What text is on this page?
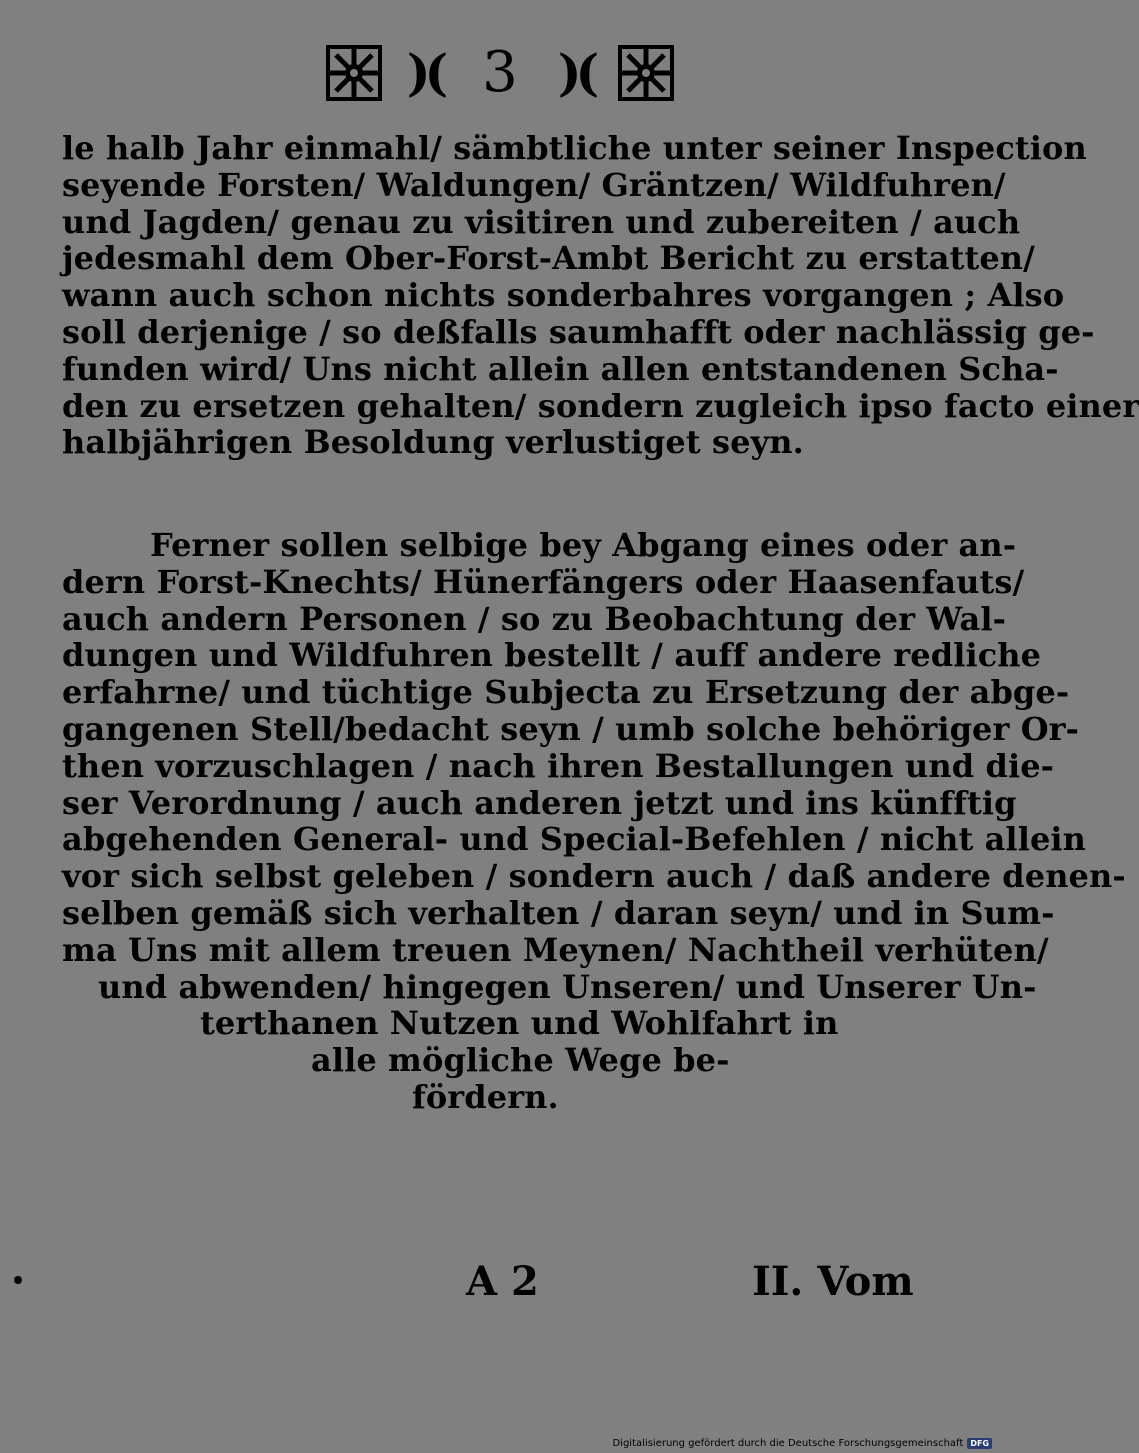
)( 3 )(
le halb Jahr einmahl/ sämbtliche unter seiner Inspection
seyende Forsten/ Waldungen/ Gräntzen/ Wildfuhren/
und Jagden/ genau zu visitiren und zubereiten / auch
jedesmahl dem Ober-Forst-Ambt Bericht zu erstatten/
wann auch schon nichts sonderbahres vorgangen ; Also
soll derjenige / so deßfalls saumhafft oder nachlässig ge-
funden wird/ Uns nicht allein allen entstandenen Scha-
den zu ersetzen gehalten/ sondern zugleich ipso facto einer
halbjährigen Besoldung verlustiget seyn.
Ferner sollen selbige bey Abgang eines oder an-
dern Forst-Knechts/ Hünerfängers oder Haasenfauts/
auch andern Personen / so zu Beobachtung der Wal-
dungen und Wildfuhren bestellt / auff andere redliche
erfahrne/ und tüchtige Subjecta zu Ersetzung der abge-
gangenen Stell/bedacht seyn / umb solche behöriger Or-
then vorzuschlagen / nach ihren Bestallungen und die-
ser Verordnung / auch anderen jetzt und ins künfftig
abgehenden General- und Special-Befehlen / nicht allein
vor sich selbst geleben / sondern auch / daß andere denen-
selben gemäß sich verhalten / daran seyn/ und in Sum-
ma Uns mit allem treuen Meynen/ Nachtheil verhüten/
und abwenden/ hingegen Unseren/ und Unserer Un-
terthanen Nutzen und Wohlfahrt in
alle mögliche Wege be-
fördern.
A 2	II. Vom
Digitalisierung gefördert durch die Deutsche Forschungsgemeinschaft DFG
